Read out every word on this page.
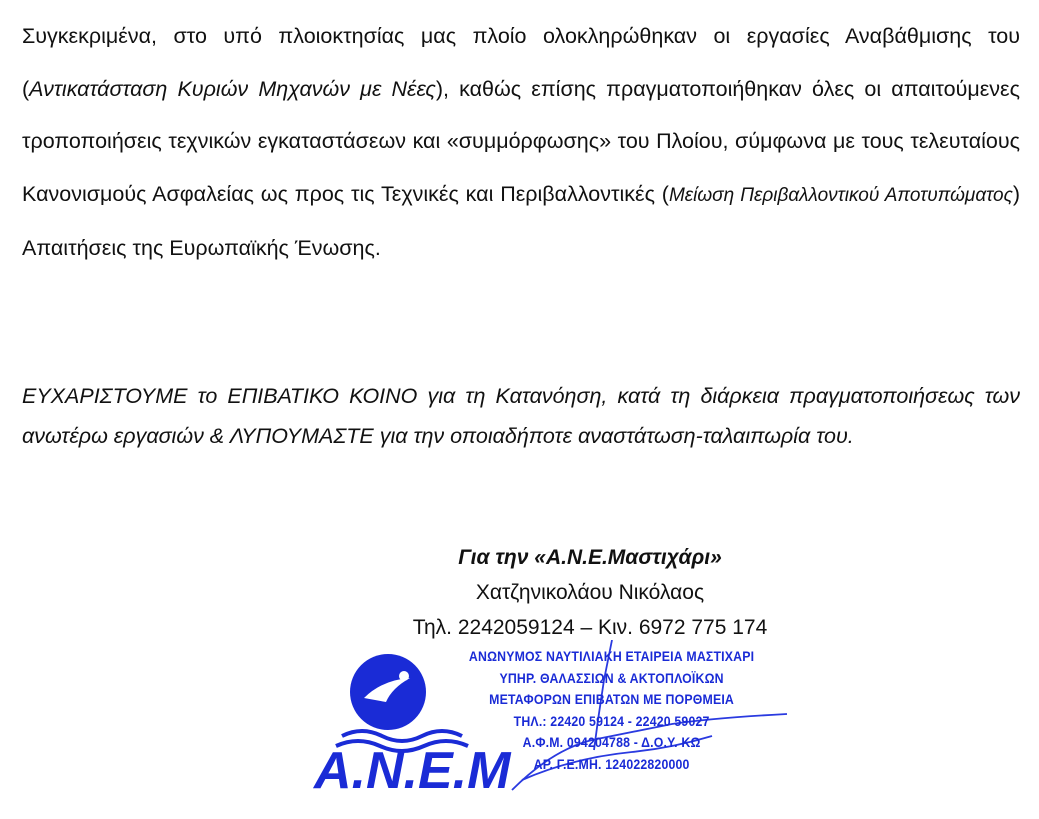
Συγκεκριμένα, στο υπό πλοιοκτησίας μας πλοίο ολοκληρώθηκαν οι εργασίες Αναβάθμισης του (Αντικατάσταση Κυριών Μηχανών με Νέες), καθώς επίσης πραγματοποιήθηκαν όλες οι απαιτούμενες τροποποιήσεις τεχνικών εγκαταστάσεων και «συμμόρφωσης» του Πλοίου, σύμφωνα με τους τελευταίους Κανονισμούς Ασφαλείας ως προς τις Τεχνικές και Περιβαλλοντικές (Μείωση Περιβαλλοντικού Αποτυπώματος) Απαιτήσεις της Ευρωπαϊκής Ένωσης.
ΕΥΧΑΡΙΣΤΟΥΜΕ το ΕΠΙΒΑΤΙΚΟ ΚΟΙΝΟ για τη Κατανόηση, κατά τη διάρκεια πραγματοποιήσεως των ανωτέρω εργασιών & ΛΥΠΟΥΜΑΣΤΕ για την οποιαδήποτε αναστάτωση-ταλαιπωρία του.
Για την «Α.Ν.Ε.Μαστιχάρι»
Χατζηνικολάου Νικόλαος
Τηλ. 2242059124 – Κιν. 6972 775 174
Α.Ν.Ε.Μ
ΑΝΩΝΥΜΟΣ ΝΑΥΤΙΛΙΑΚΗ ΕΤΑΙΡΕΙΑ ΜΑΣΤΙΧΑΡΙ
ΥΠΗΡ. ΘΑΛΑΣΣΙΩΝ & ΑΚΤΟΠΛΟΪΚΩΝ
ΜΕΤΑΦΟΡΩΝ ΕΠΙΒΑΤΩΝ ΜΕ ΠΟΡΘΜΕΙΑ
ΤΗΛ.: 22420 59124 - 22420 59027
Α.Φ.Μ. 094204788 - Δ.Ο.Υ. ΚΩ
ΑΡ. Γ.Ε.ΜΗ. 124022820000
